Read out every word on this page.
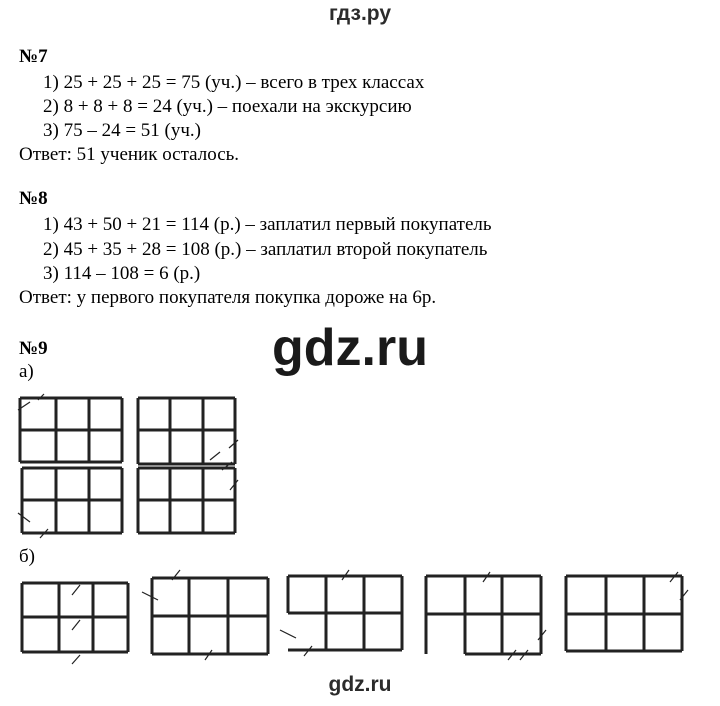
гдз.ру
№7
1) 25 + 25 + 25 = 75 (уч.) – всего в трех классах
2) 8 + 8 + 8 = 24 (уч.) – поехали на экскурсию
3) 75 – 24 = 51 (уч.)
Ответ: 51 ученик осталось.
№8
1) 43 + 50 + 21 = 114 (р.) – заплатил первый покупатель
2) 45 + 35 + 28 = 108 (р.) – заплатил второй покупатель
3) 114 – 108 = 6 (р.)
Ответ: у первого покупателя покупка дороже на 6р.
gdz.ru
№9
а)
б)
gdz.ru
